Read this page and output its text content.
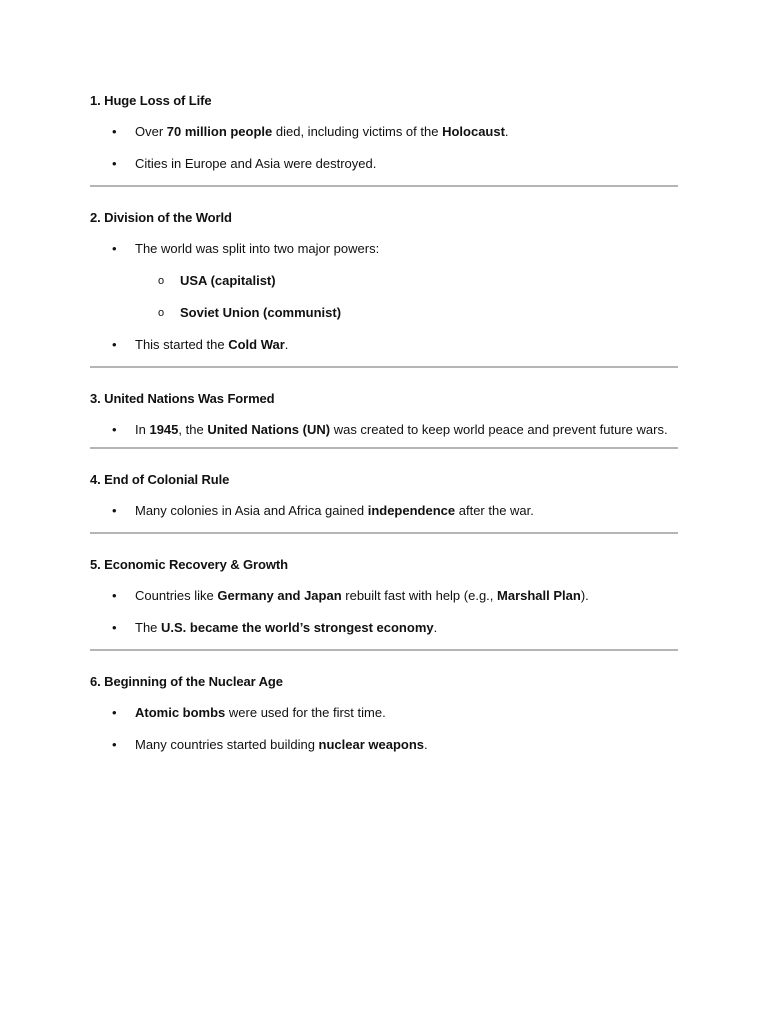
1. Huge Loss of Life
• Over 70 million people died, including victims of the Holocaust.
• Cities in Europe and Asia were destroyed.
2. Division of the World
• The world was split into two major powers:
o USA (capitalist)
o Soviet Union (communist)
• This started the Cold War.
3. United Nations Was Formed
• In 1945, the United Nations (UN) was created to keep world peace and prevent future wars.
4. End of Colonial Rule
• Many colonies in Asia and Africa gained independence after the war.
5. Economic Recovery & Growth
• Countries like Germany and Japan rebuilt fast with help (e.g., Marshall Plan).
• The U.S. became the world’s strongest economy.
6. Beginning of the Nuclear Age
• Atomic bombs were used for the first time.
• Many countries started building nuclear weapons.
